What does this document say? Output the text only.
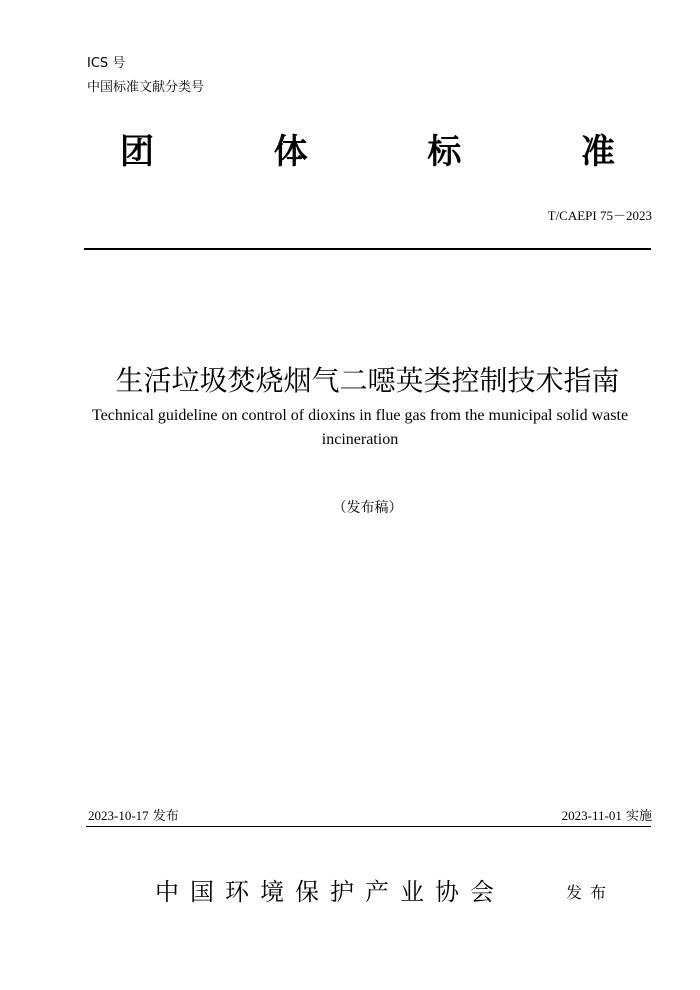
ICS 号
中国标准文献分类号
团	体	标	准
T/CAEPI 75－2023
生活垃圾焚烧烟气二噁英类控制技术指南
Technical guideline on control of dioxins in flue gas from the municipal solid waste incineration
（发布稿）
2023-10-17 发布	2023-11-01 实施
中国环境保护产业协会	发布
